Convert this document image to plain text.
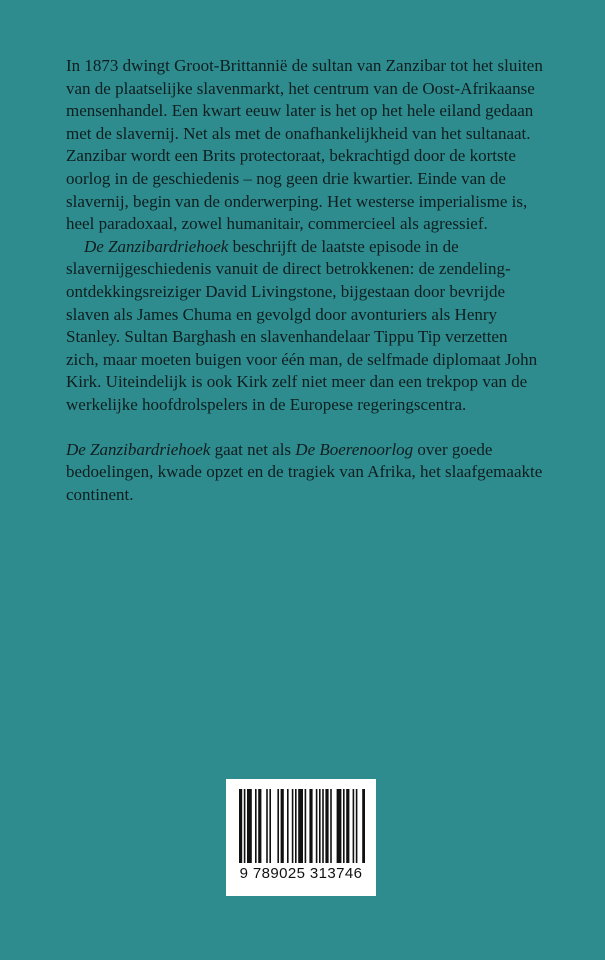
In 1873 dwingt Groot-Brittannië de sultan van Zanzibar tot het sluiten van de plaatselijke slavenmarkt, het centrum van de Oost-Afrikaanse mensenhandel. Een kwart eeuw later is het op het hele eiland gedaan met de slavernij. Net als met de onafhankelijkheid van het sultanaat. Zanzibar wordt een Brits protectoraat, bekrachtigd door de kortste oorlog in de geschiedenis – nog geen drie kwartier. Einde van de slavernij, begin van de onderwerping. Het westerse imperialisme is, heel paradoxaal, zowel humanitair, commercieel als agressief.

De Zanzibardriehoek beschrijft de laatste episode in de slavernijgeschiedenis vanuit de direct betrokkenen: de zendeling-ontdekkingsreiziger David Livingstone, bijgestaan door bevrijde slaven als James Chuma en gevolgd door avonturiers als Henry Stanley. Sultan Barghash en slavenhandelaar Tippu Tip verzetten zich, maar moeten buigen voor één man, de selfmade diplomaat John Kirk. Uiteindelijk is ook Kirk zelf niet meer dan een trekpop van de werkelijke hoofdrolspelers in de Europese regeringscentra.

De Zanzibardriehoek gaat net als De Boerenoorlog over goede bedoelingen, kwade opzet en de tragiek van Afrika, het slaafgemaakte continent.

9 789025 313746
